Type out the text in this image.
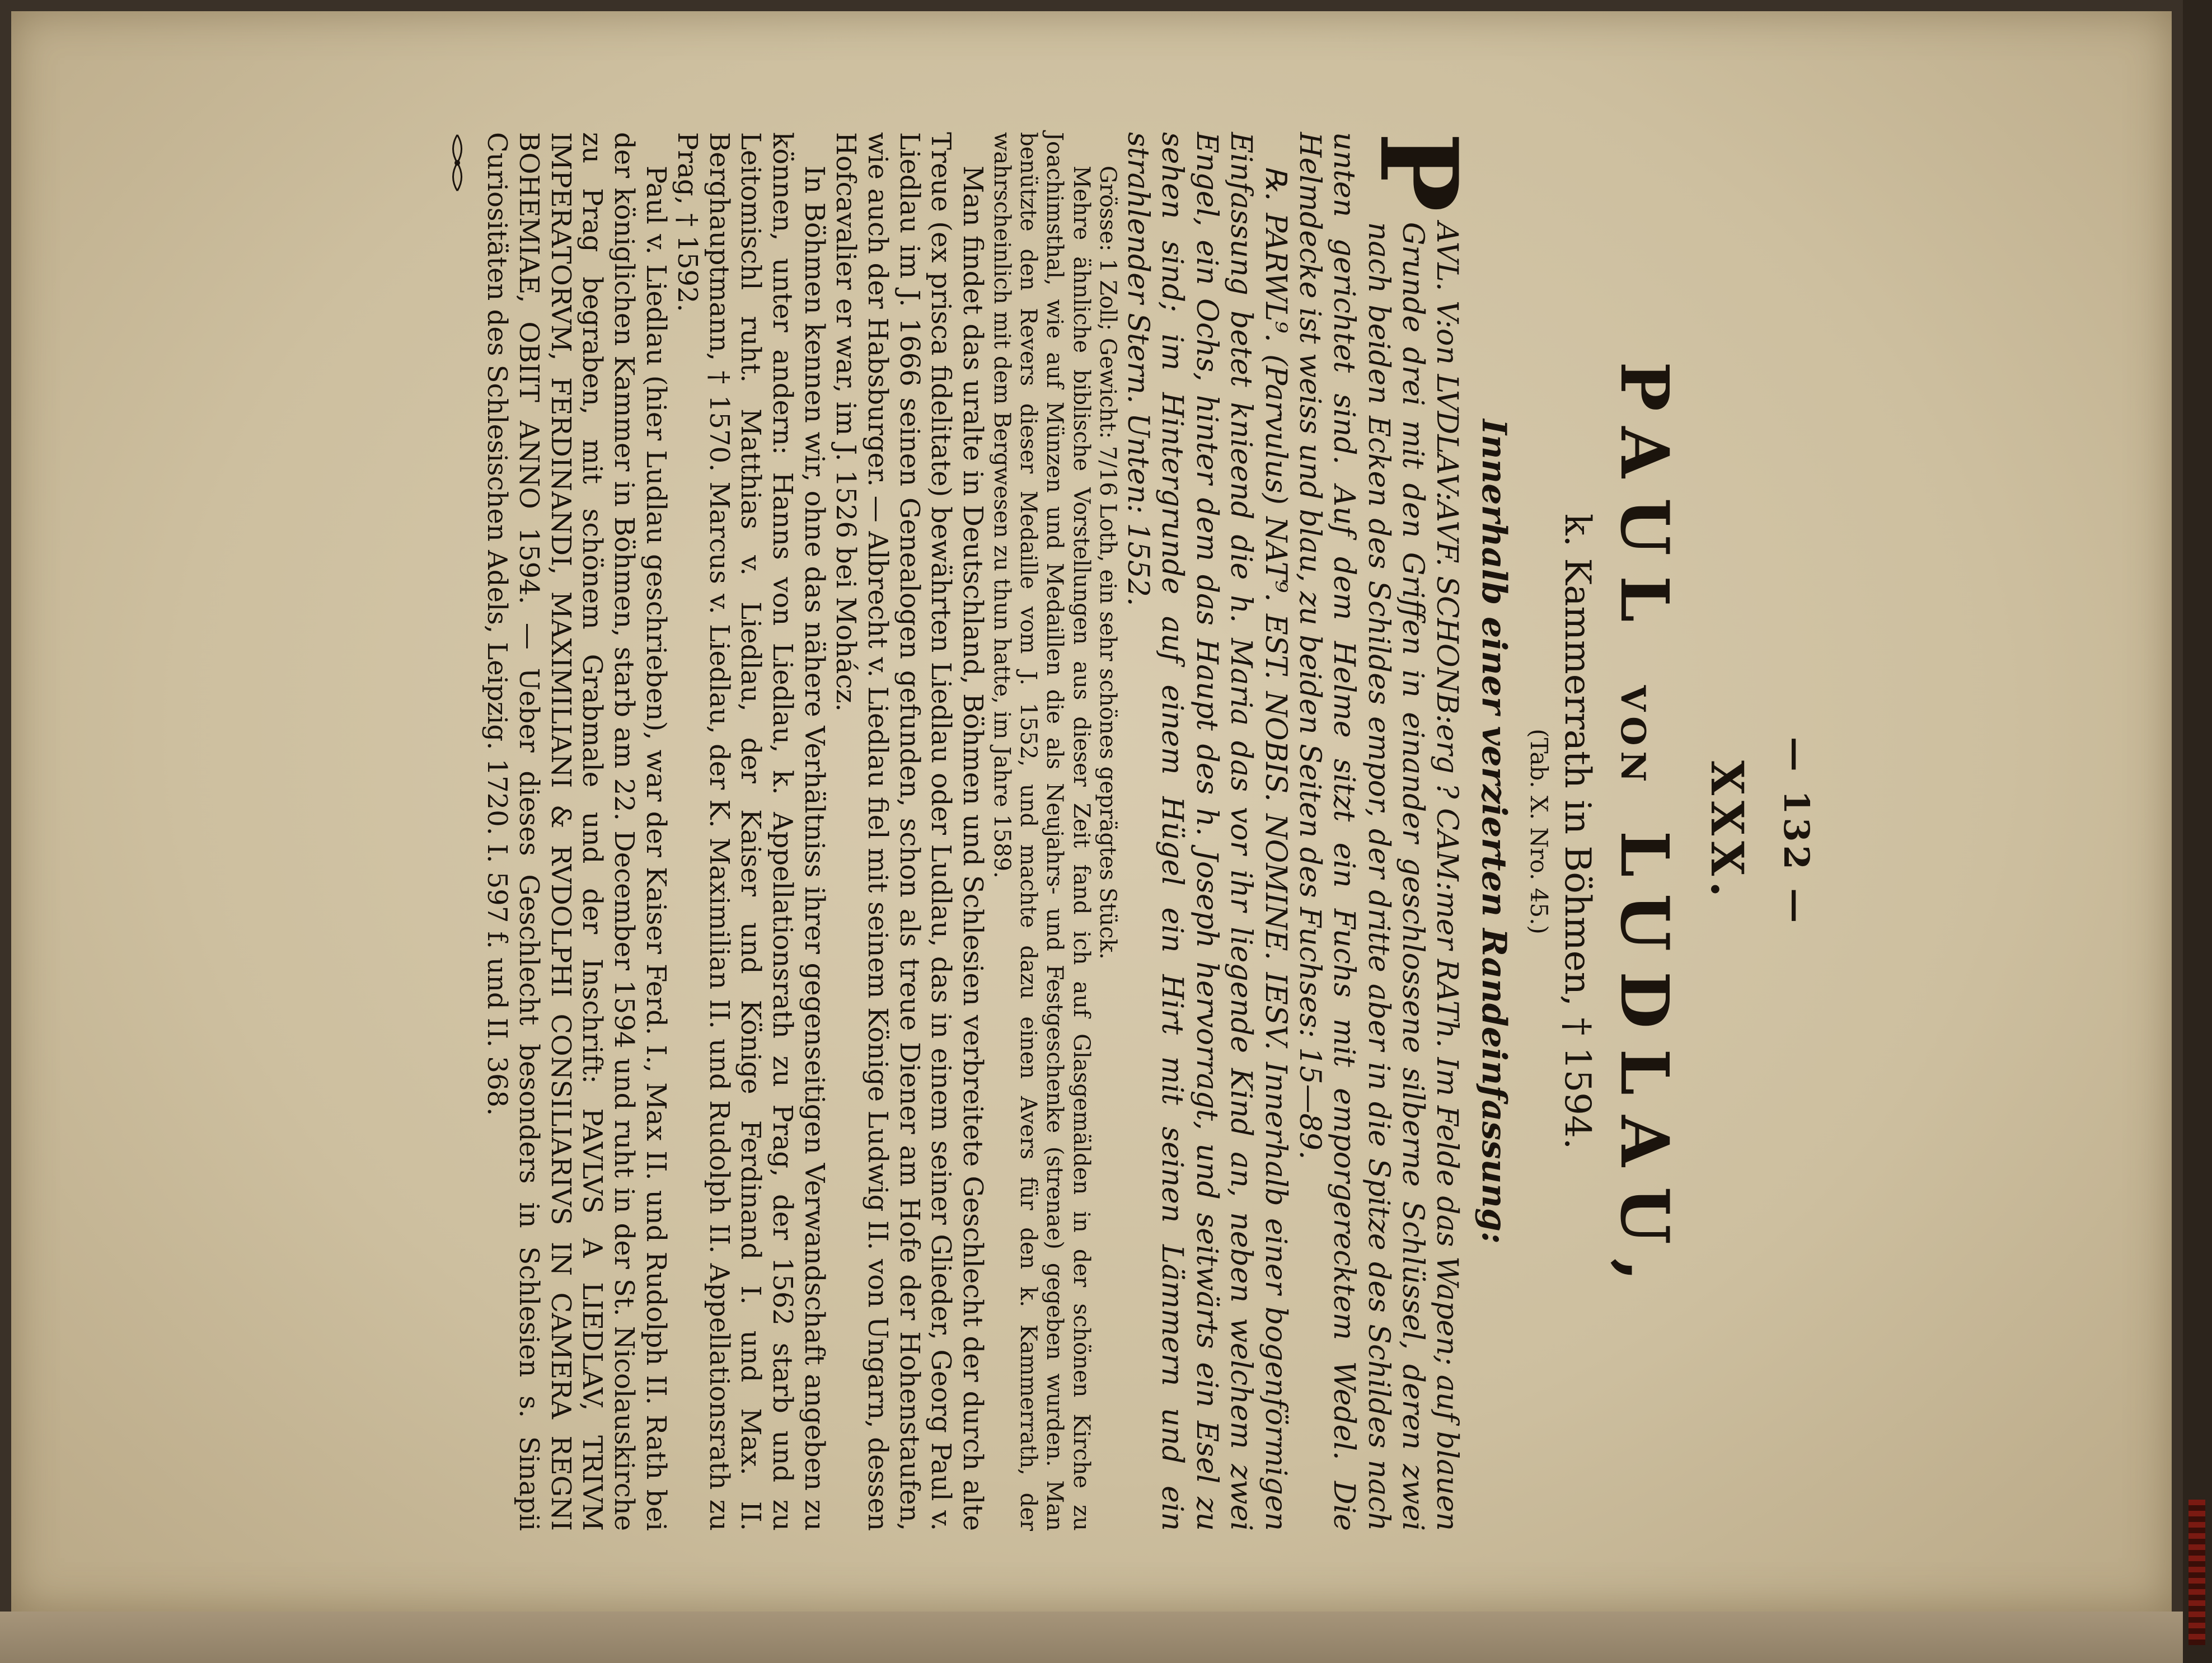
— 132 —
XXX.
PAUL VON LUDLAU,
k. Kammerrath in Böhmen, † 1594.
(Tab. X. Nro. 45.)
Innerhalb einer verzierten Randeinfassung:

P
AVL. V:on LVDLAV:AVF. SCHONB:erg ? CAM:mer RATh. Im Felde das Wapen; auf blauen Grunde drei mit den Griffen in einander geschlossene silberne Schlüssel, deren zwei nach beiden Ecken des Schildes empor, der dritte aber in die Spitze des Schildes nach unten gerichtet sind. Auf dem Helme sitzt ein Fuchs mit emporgerecktem Wedel. Die Helmdecke ist weiss und blau, zu beiden Seiten des Fuchses: 15—89.

℞. PARWL⁹. (Parvulus) NAT⁹. EST. NOBIS. NOMINE. IESV. Innerhalb einer bogenförmigen Einfassung betet knieend die h. Maria das vor ihr liegende Kind an, neben welchem zwei Engel, ein Ochs, hinter dem das Haupt des h. Joseph hervorragt, und seitwärts ein Esel zu sehen sind; im Hintergrunde auf einem Hügel ein Hirt mit seinen Lämmern und ein strahlender Stern. Unten: 1552.

Grösse: 1 Zoll; Gewicht: 7/16 Loth, ein sehr schönes geprägtes Stück.

Mehre ähnliche biblische Vorstellungen aus dieser Zeit fand ich auf Glasgemälden in der schönen Kirche zu Joachimsthal, wie auf Münzen und Medaillen die als Neujahrs- und Festgeschenke (strenae) gegeben wurden. Man benützte den Revers dieser Medaille vom J. 1552, und machte dazu einen Avers für den k. Kammerrath, der wahrscheinlich mit dem Bergwesen zu thun hatte, im Jahre 1589.

Man findet das uralte in Deutschland, Böhmen und Schlesien verbreitete Geschlecht der durch alte Treue (ex prisca fidelitate) bewährten Liedlau oder Ludlau, das in einem seiner Glieder, Georg Paul v. Liedlau im J. 1666 seinen Genealogen gefunden, schon als treue Diener am Hofe der Hohenstaufen, wie auch der Habsburger. — Albrecht v. Liedlau fiel mit seinem Könige Ludwig II. von Ungarn, dessen Hofcavalier er war, im J. 1526 bei Mohácz.

In Böhmen kennen wir, ohne das nähere Verhältniss ihrer gegenseitigen Verwandschaft angeben zu können, unter andern: Hanns von Liedlau, k. Appellationsrath zu Prag, der 1562 starb und zu Leitomischl ruht. Matthias v. Liedlau, der Kaiser und Könige Ferdinand I. und Max. II. Berghauptmann, † 1570. Marcus v. Liedlau, der K. Maximilian II. und Rudolph II. Appellationsrath zu Prag, † 1592.

Paul v. Liedlau (hier Ludlau geschrieben), war der Kaiser Ferd. I., Max II. und Rudolph II. Rath bei der königlichen Kammer in Böhmen, starb am 22. December 1594 und ruht in der St. Nicolauskirche zu Prag begraben, mit schönem Grabmale und der Inschrift: PAVLVS A LIEDLAV, TRIVM IMPERATORVM, FERDINANDI, MAXIMILIANI & RVDOLPHI CONSILIARIVS IN CAMERA REGNI BOHEMIAE, OBIIT ANNO 1594. — Ueber dieses Geschlecht besonders in Schlesien s. Sinapii Curiositäten des Schlesischen Adels, Leipzig. 1720. I. 597 f. und II. 368.
